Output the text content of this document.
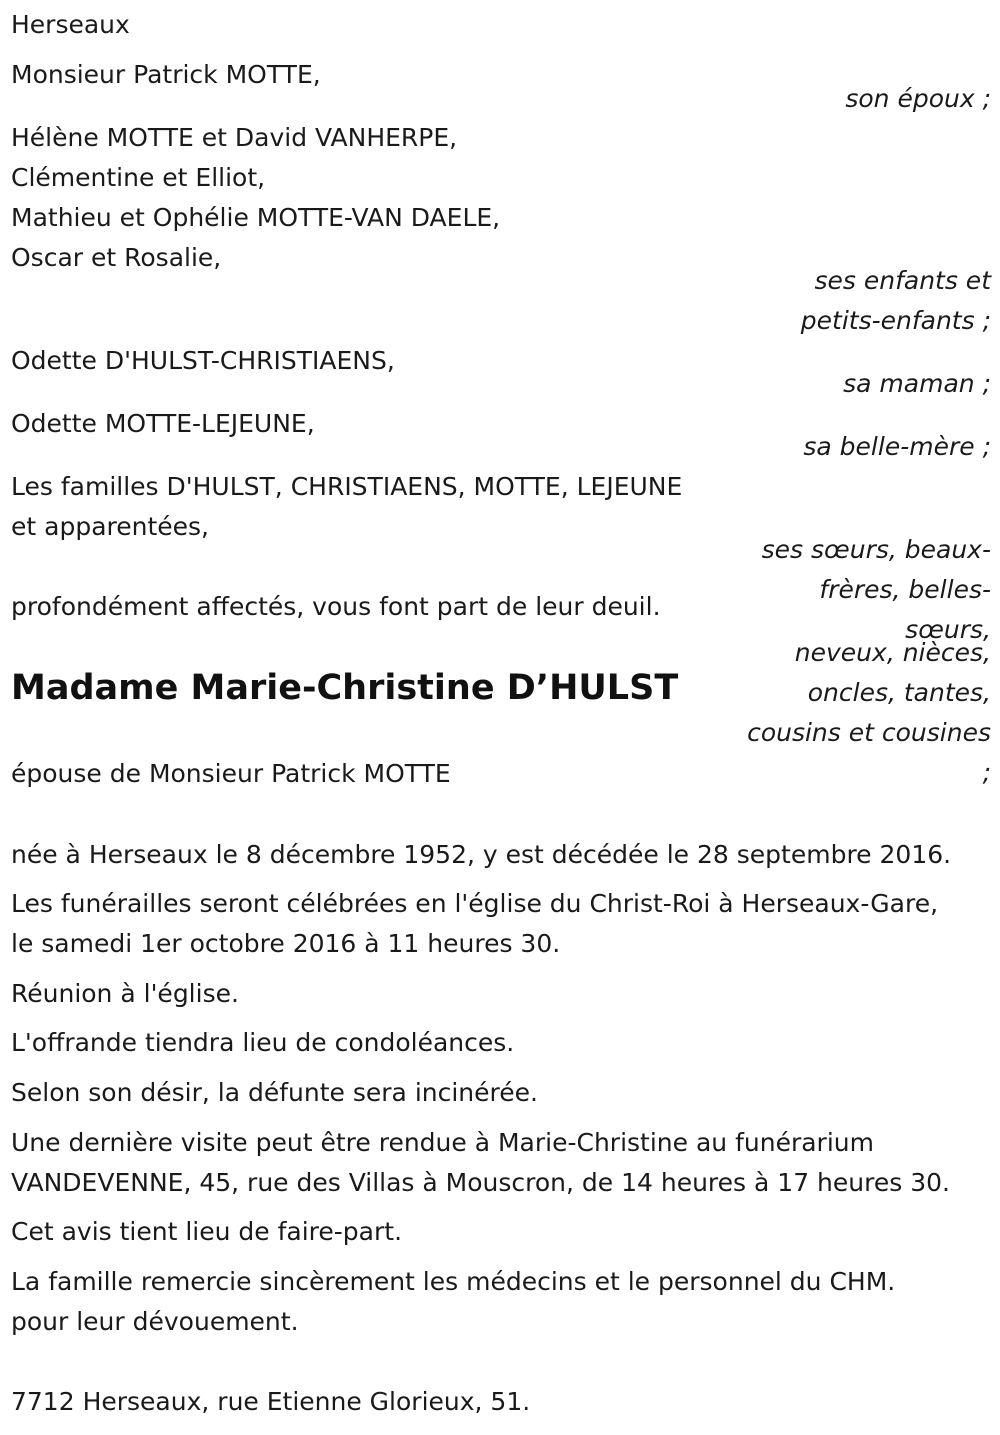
Herseaux

Monsieur Patrick MOTTE,

son époux ;

Hélène MOTTE et David VANHERPE,

Clémentine et Elliot,

Mathieu et Ophélie MOTTE-VAN DAELE,

Oscar et Rosalie,

ses enfants et

petits-enfants ;

Odette D'HULST-CHRISTIAENS,

sa maman ;

Odette MOTTE-LEJEUNE,

sa belle-mère ;

Les familles D'HULST, CHRISTIAENS, MOTTE, LEJEUNE

et apparentées,

ses sœurs, beaux-

frères, belles-

sœurs,

neveux, nièces,

oncles, tantes,

cousins et cousines

;

profondément affectés, vous font part de leur deuil.

Madame Marie-Christine D’HULST

épouse de Monsieur Patrick MOTTE

née à Herseaux le 8 décembre 1952, y est décédée le 28 septembre 2016.

Les funérailles seront célébrées en l'église du Christ-Roi à Herseaux-Gare,

le samedi 1er octobre 2016 à 11 heures 30.

Réunion à l'église.

L'offrande tiendra lieu de condoléances.

Selon son désir, la défunte sera incinérée.

Une dernière visite peut être rendue à Marie-Christine au funérarium

VANDEVENNE, 45, rue des Villas à Mouscron, de 14 heures à 17 heures 30.

Cet avis tient lieu de faire-part.

La famille remercie sincèrement les médecins et le personnel du CHM.

pour leur dévouement.

7712 Herseaux, rue Etienne Glorieux, 51.
